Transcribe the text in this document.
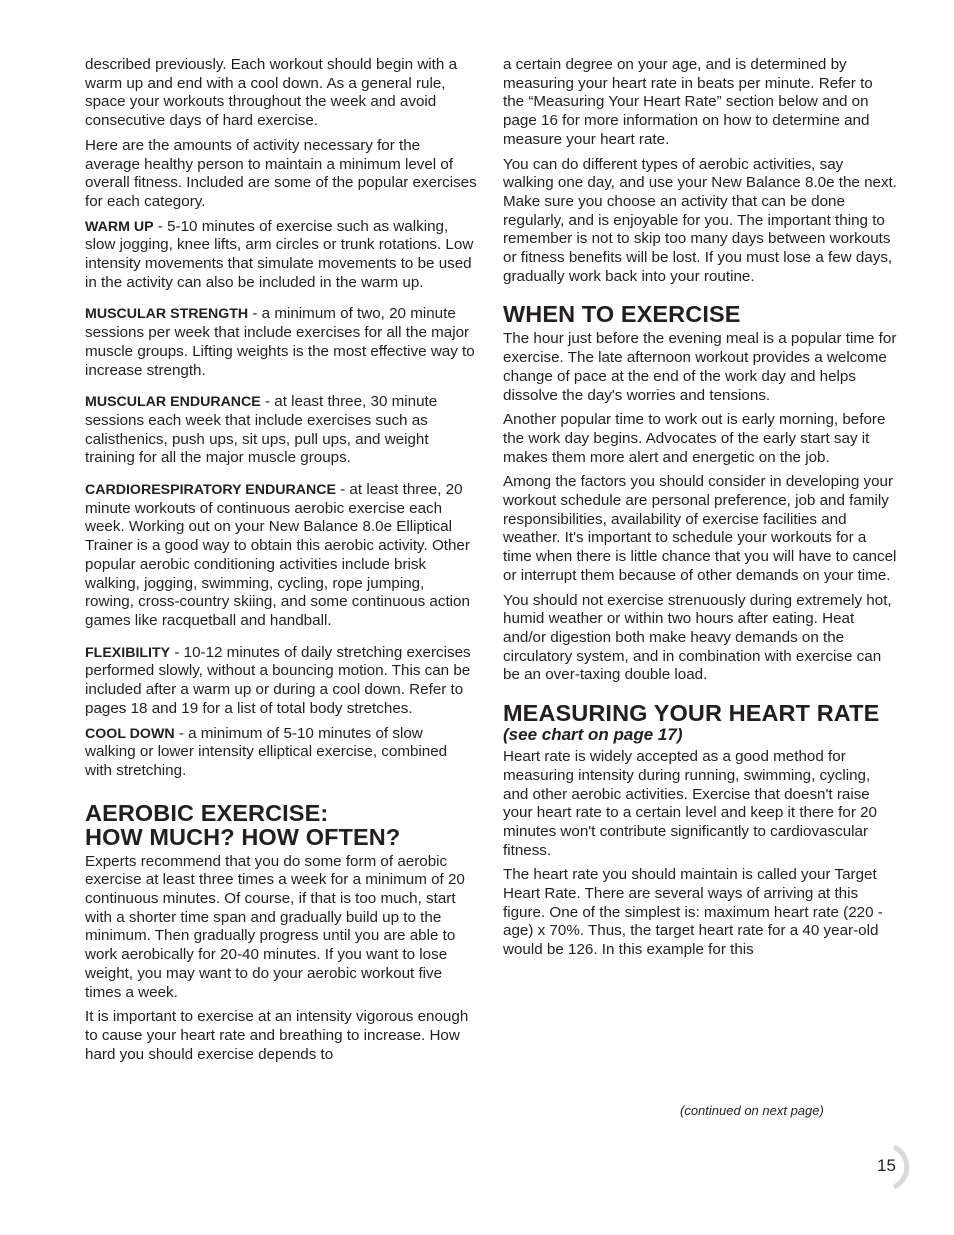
described previously. Each workout should begin with a warm up and end with a cool down. As a general rule, space your workouts throughout the week and avoid consecutive days of hard exercise.

Here are the amounts of activity necessary for the average healthy person to maintain a minimum level of overall fitness. Included are some of the popular exercises for each category.

WARM UP - 5-10 minutes of exercise such as walking, slow jogging, knee lifts, arm circles or trunk rotations. Low intensity movements that simulate movements to be used in the activity can also be included in the warm up.

MUSCULAR STRENGTH - a minimum of two, 20 minute sessions per week that include exercises for all the major muscle groups. Lifting weights is the most effective way to increase strength.

MUSCULAR ENDURANCE - at least three, 30 minute sessions each week that include exercises such as calisthenics, push ups, sit ups, pull ups, and weight training for all the major muscle groups.

CARDIORESPIRATORY ENDURANCE - at least three, 20 minute workouts of continuous aerobic exercise each week. Working out on your New Balance 8.0e Elliptical Trainer is a good way to obtain this aerobic activity. Other popular aerobic conditioning activities include brisk walking, jogging, swimming, cycling, rope jumping, rowing, cross-country skiing, and some continuous action games like racquetball and handball.

FLEXIBILITY - 10-12 minutes of daily stretching exercises performed slowly, without a bouncing motion. This can be included after a warm up or during a cool down. Refer to pages 18 and 19 for a list of total body stretches.

COOL DOWN - a minimum of 5-10 minutes of slow walking or lower intensity elliptical exercise, combined with stretching.

AEROBIC EXERCISE:
HOW MUCH? HOW OFTEN?

Experts recommend that you do some form of aerobic exercise at least three times a week for a minimum of 20 continuous minutes. Of course, if that is too much, start with a shorter time span and gradually build up to the minimum. Then gradually progress until you are able to work aerobically for 20-40 minutes. If you want to lose weight, you may want to do your aerobic workout five times a week.

It is important to exercise at an intensity vigorous enough to cause your heart rate and breathing to increase. How hard you should exercise depends to

a certain degree on your age, and is determined by measuring your heart rate in beats per minute. Refer to the “Measuring Your Heart Rate” section below and on page 16 for more information on how to determine and measure your heart rate.

You can do different types of aerobic activities, say walking one day, and use your New Balance 8.0e the next. Make sure you choose an activity that can be done regularly, and is enjoyable for you. The important thing to remember is not to skip too many days between workouts or fitness benefits will be lost. If you must lose a few days, gradually work back into your routine.

WHEN TO EXERCISE

The hour just before the evening meal is a popular time for exercise. The late afternoon workout provides a welcome change of pace at the end of the work day and helps dissolve the day's worries and tensions.

Another popular time to work out is early morning, before the work day begins. Advocates of the early start say it makes them more alert and energetic on the job.

Among the factors you should consider in developing your workout schedule are personal preference, job and family responsibilities, availability of exercise facilities and weather. It's important to schedule your workouts for a time when there is little chance that you will have to cancel or interrupt them because of other demands on your time.

You should not exercise strenuously during extremely hot, humid weather or within two hours after eating. Heat and/or digestion both make heavy demands on the circulatory system, and in combination with exercise can be an over-taxing double load.

MEASURING YOUR HEART RATE
(see chart on page 17)

Heart rate is widely accepted as a good method for measuring intensity during running, swimming, cycling, and other aerobic activities. Exercise that doesn't raise your heart rate to a certain level and keep it there for 20 minutes won't contribute significantly to cardiovascular fitness.

The heart rate you should maintain is called your Target Heart Rate. There are several ways of arriving at this figure. One of the simplest is: maximum heart rate (220 - age) x 70%. Thus, the target heart rate for a 40 year-old would be 126. In this example for this

(continued on next page)
15
